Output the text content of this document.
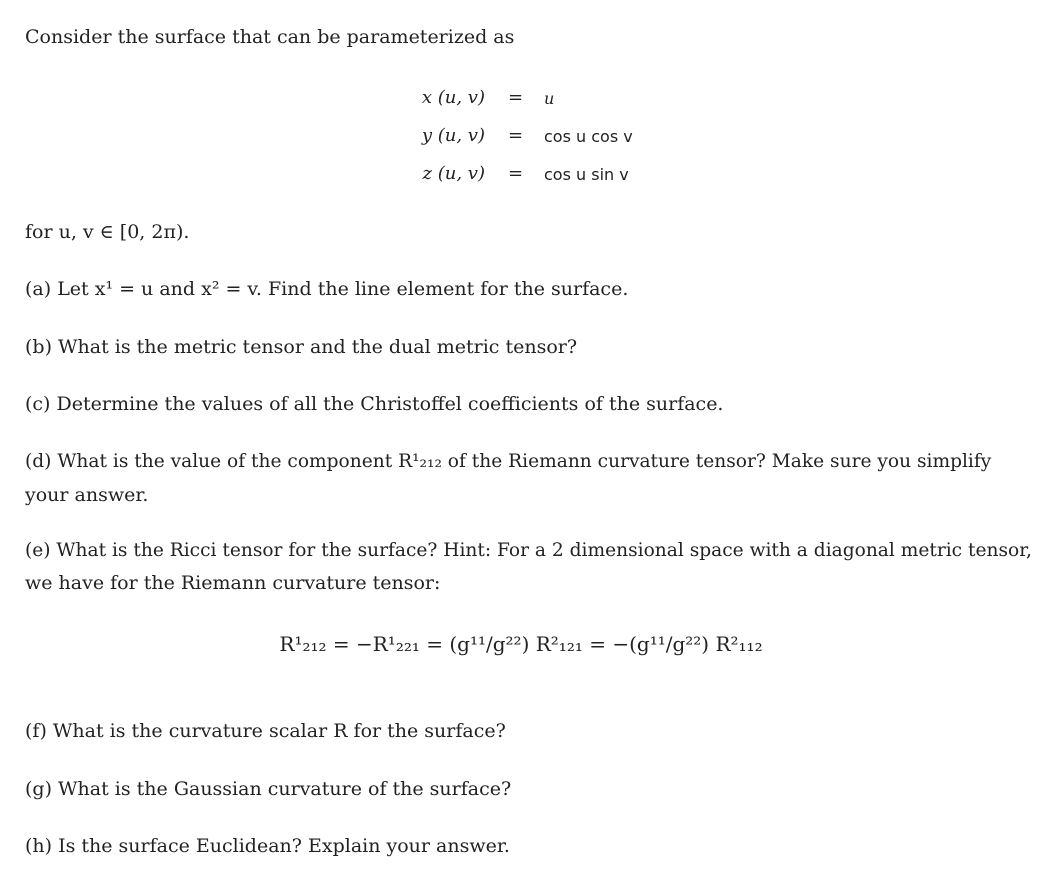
Consider the surface that can be parameterized as
x (u, v) = u
y (u, v) = cos u cos v
z (u, v) = cos u sin v
for u, v ∈ [0, 2π).
(a) Let x¹ = u and x² = v. Find the line element for the surface.
(b) What is the metric tensor and the dual metric tensor?
(c) Determine the values of all the Christoffel coefficients of the surface.
(d) What is the value of the component R¹₂₁₂ of the Riemann curvature tensor? Make sure you simplify
your answer.
(e) What is the Ricci tensor for the surface? Hint: For a 2 dimensional space with a diagonal metric tensor,
we have for the Riemann curvature tensor:
R¹₂₁₂ = −R¹₂₂₁ = (g¹¹/g²²) R²₁₂₁ = −(g¹¹/g²²) R²₁₁₂
(f) What is the curvature scalar R for the surface?
(g) What is the Gaussian curvature of the surface?
(h) Is the surface Euclidean? Explain your answer.
